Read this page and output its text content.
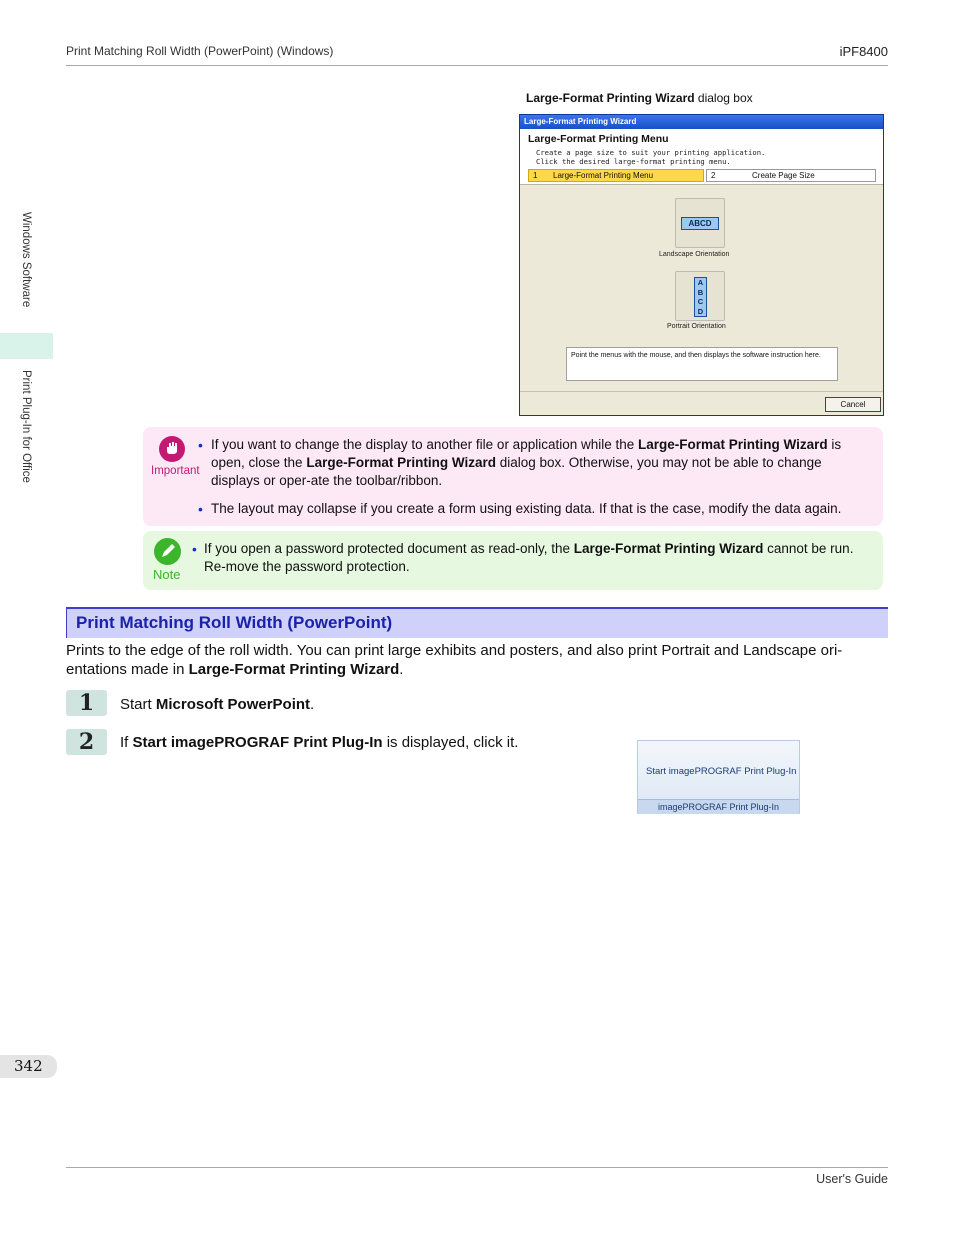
Print Matching Roll Width (PowerPoint) (Windows)	iPF8400
Windows Software
Print Plug-In for Office
Large-Format Printing Wizard dialog box
Large-Format Printing Wizard
Large-Format Printing Menu
Create a page size to suit your printing application.
Click the desired large-format printing menu.
1 Large-Format Printing Menu	2	Create Page Size
ABCD
Landscape Orientation
A
B
C
D
Portrait Orientation
Point the menus with the mouse, and then displays the software instruction here.
Cancel
Important
• If you want to change the display to another file or application while the Large-Format Printing Wizard is open, close the Large-Format Printing Wizard dialog box. Otherwise, you may not be able to change displays or oper-ate the toolbar/ribbon.
• The layout may collapse if you create a form using existing data. If that is the case, modify the data again.
Note
• If you open a password protected document as read-only, the Large-Format Printing Wizard cannot be run. Re-move the password protection.
Print Matching Roll Width (PowerPoint)
Prints to the edge of the roll width. You can print large exhibits and posters, and also print Portrait and Landscape ori-entations made in Large-Format Printing Wizard.
1	Start Microsoft PowerPoint.
2	If Start imagePROGRAF Print Plug-In is displayed, click it.
Start imagePROGRAF Print Plug-In
imagePROGRAF Print Plug-In
342
User's Guide
